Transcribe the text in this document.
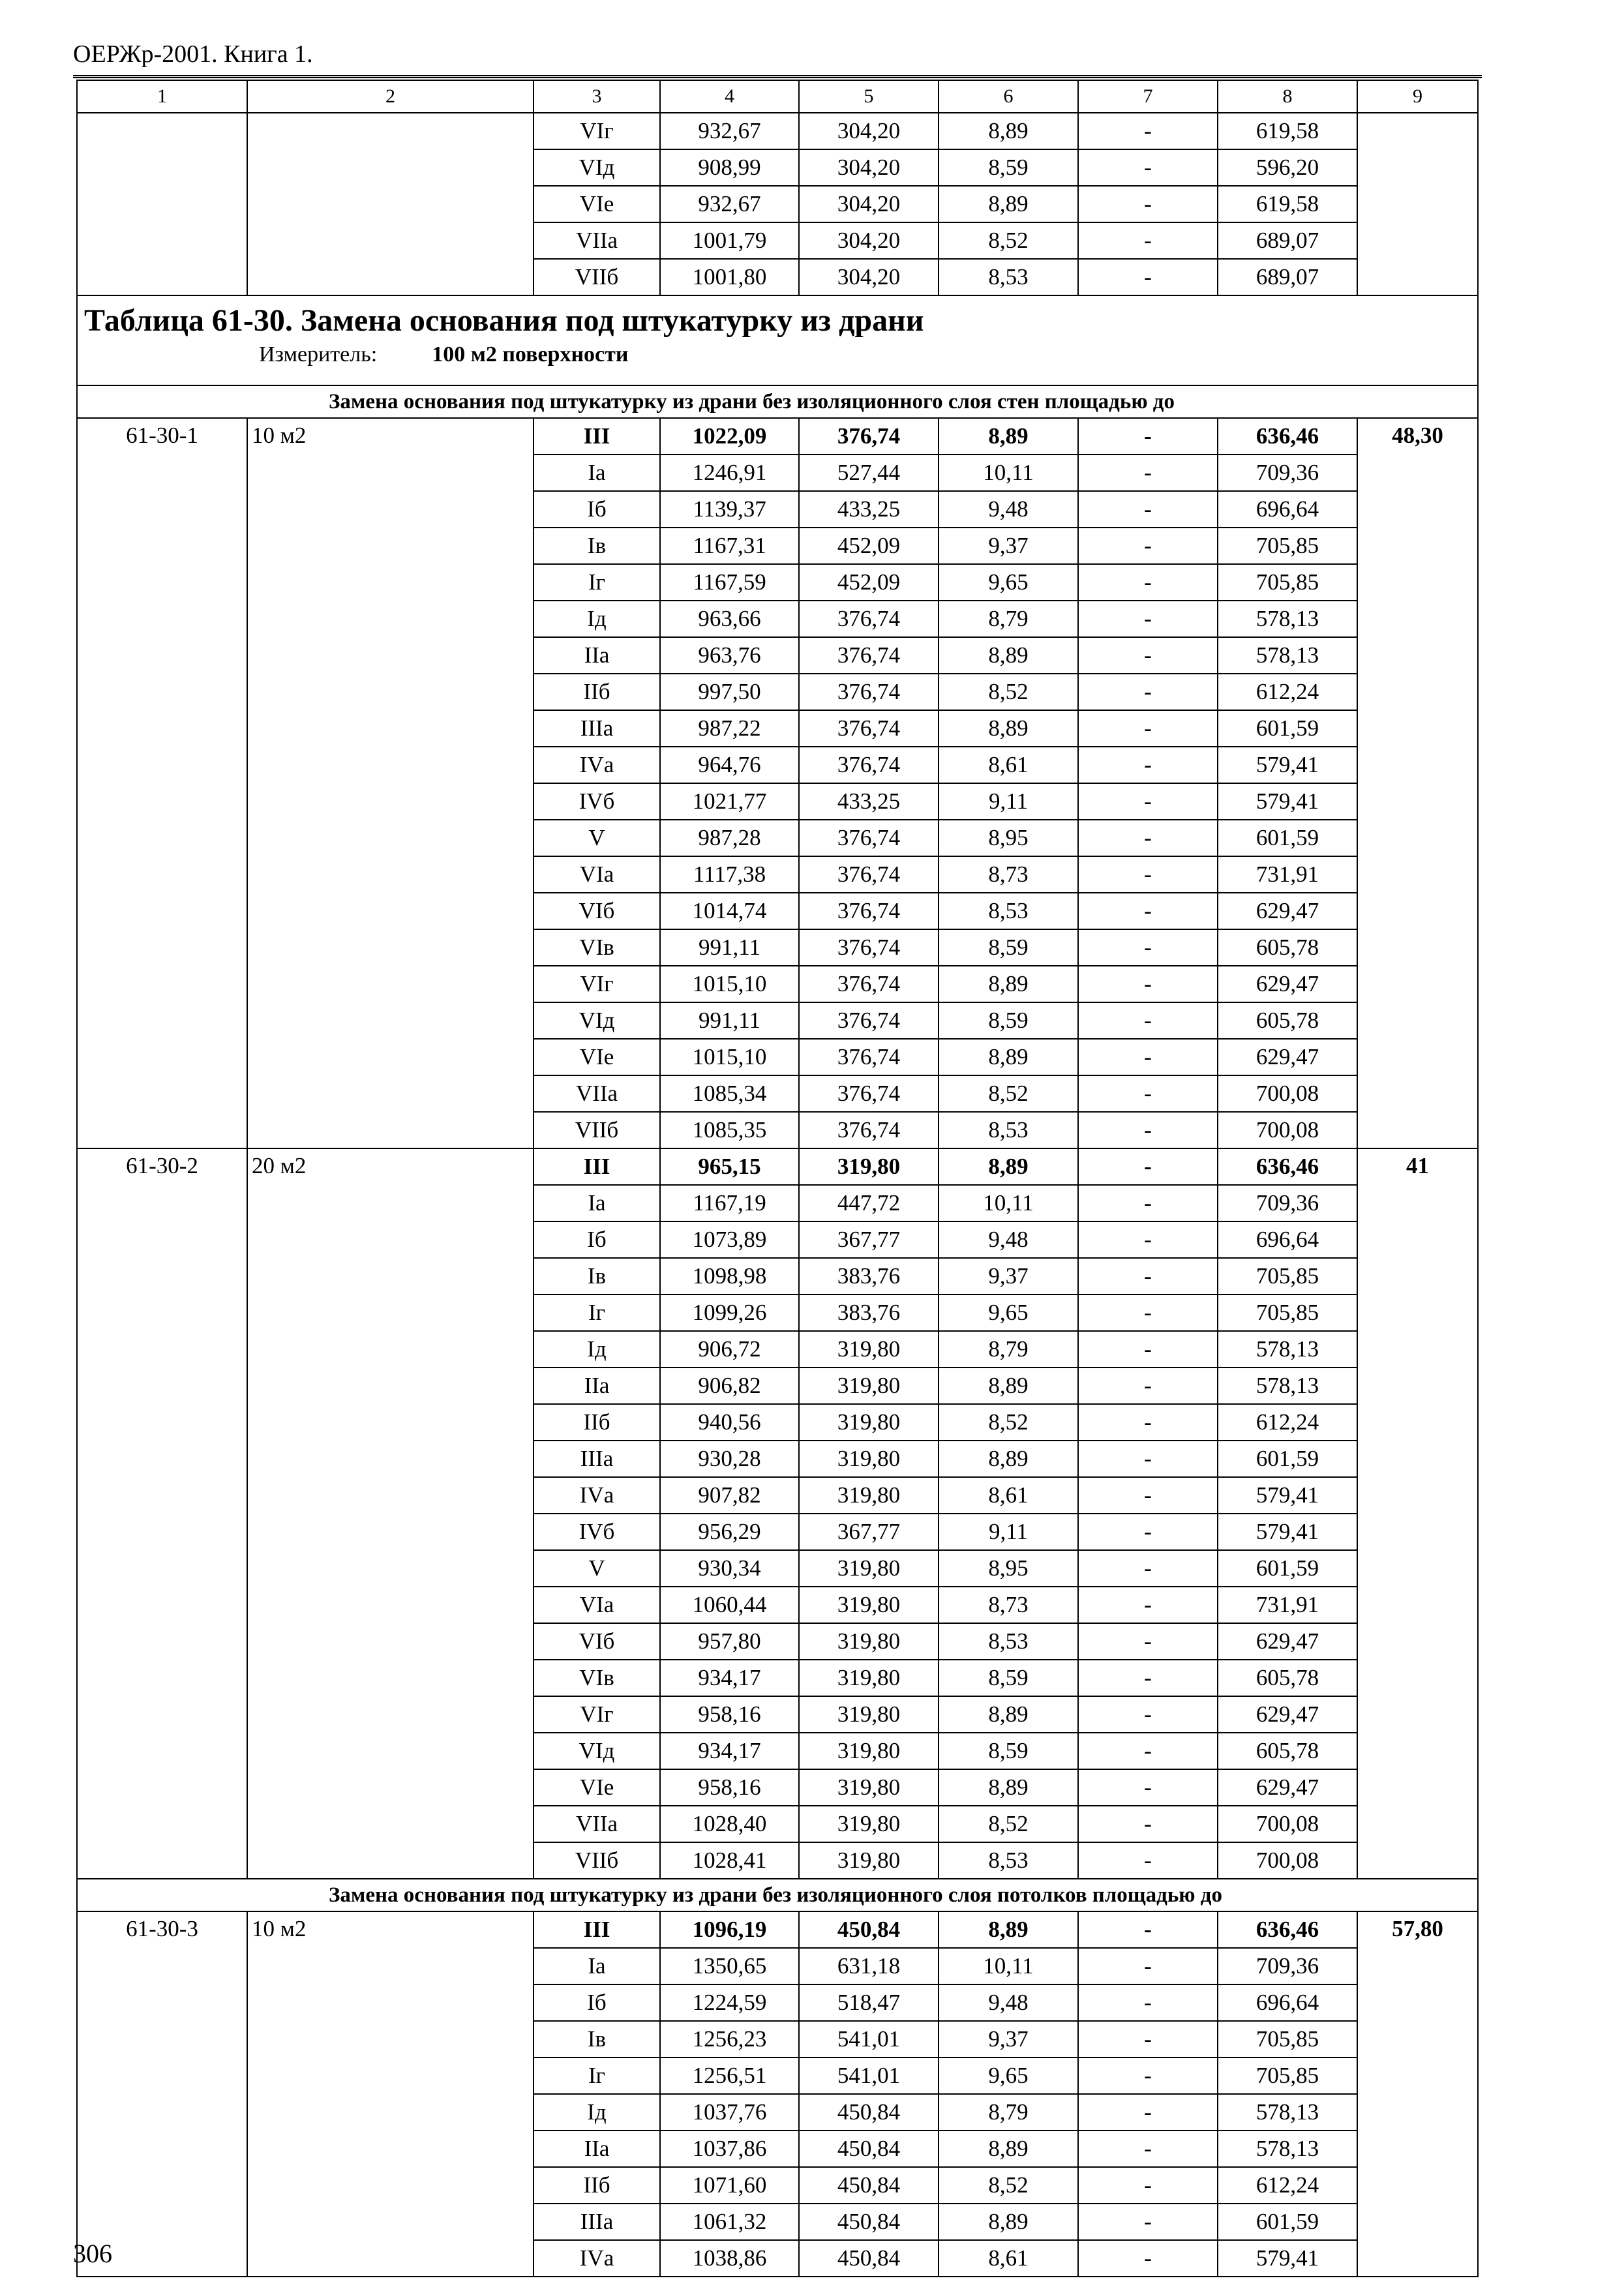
ОЕРЖр-2001. Книга 1.
1	2	3	4	5	6	7	8	9
		VIг	932,67	304,20	8,89	-	619,58	
		VIд	908,99	304,20	8,59	-	596,20	
		VIе	932,67	304,20	8,89	-	619,58	
		VIIа	1001,79	304,20	8,52	-	689,07	
		VIIб	1001,80	304,20	8,53	-	689,07	

Таблица 61-30. Замена основания под штукатурку из драни
Измеритель: 100 м2 поверхности								

Замена основания под штукатурку из драни без изоляционного слоя стен площадью до								
61-30-1	10 м2	III	1022,09	376,74	8,89	-	636,46	48,30
		Iа	1246,91	527,44	10,11	-	709,36	
		Iб	1139,37	433,25	9,48	-	696,64	
		Iв	1167,31	452,09	9,37	-	705,85	
		Iг	1167,59	452,09	9,65	-	705,85	
		Iд	963,66	376,74	8,79	-	578,13	
		IIа	963,76	376,74	8,89	-	578,13	
		IIб	997,50	376,74	8,52	-	612,24	
		IIIа	987,22	376,74	8,89	-	601,59	
		IVа	964,76	376,74	8,61	-	579,41	
		IVб	1021,77	433,25	9,11	-	579,41	
		V	987,28	376,74	8,95	-	601,59	
		VIа	1117,38	376,74	8,73	-	731,91	
		VIб	1014,74	376,74	8,53	-	629,47	
		VIв	991,11	376,74	8,59	-	605,78	
		VIг	1015,10	376,74	8,89	-	629,47	
		VIд	991,11	376,74	8,59	-	605,78	
		VIе	1015,10	376,74	8,89	-	629,47	
		VIIа	1085,34	376,74	8,52	-	700,08	
		VIIб	1085,35	376,74	8,53	-	700,08	
61-30-2	20 м2	III	965,15	319,80	8,89	-	636,46	41
		Iа	1167,19	447,72	10,11	-	709,36	
		Iб	1073,89	367,77	9,48	-	696,64	
		Iв	1098,98	383,76	9,37	-	705,85	
		Iг	1099,26	383,76	9,65	-	705,85	
		Iд	906,72	319,80	8,79	-	578,13	
		IIа	906,82	319,80	8,89	-	578,13	
		IIб	940,56	319,80	8,52	-	612,24	
		IIIа	930,28	319,80	8,89	-	601,59	
		IVа	907,82	319,80	8,61	-	579,41	
		IVб	956,29	367,77	9,11	-	579,41	
		V	930,34	319,80	8,95	-	601,59	
		VIа	1060,44	319,80	8,73	-	731,91	
		VIб	957,80	319,80	8,53	-	629,47	
		VIв	934,17	319,80	8,59	-	605,78	
		VIг	958,16	319,80	8,89	-	629,47	
		VIд	934,17	319,80	8,59	-	605,78	
		VIе	958,16	319,80	8,89	-	629,47	
		VIIа	1028,40	319,80	8,52	-	700,08	
		VIIб	1028,41	319,80	8,53	-	700,08	
Замена основания под штукатурку из драни без изоляционного слоя потолков площадью до								
61-30-3	10 м2	III	1096,19	450,84	8,89	-	636,46	57,80
		Iа	1350,65	631,18	10,11	-	709,36	
		Iб	1224,59	518,47	9,48	-	696,64	
		Iв	1256,23	541,01	9,37	-	705,85	
		Iг	1256,51	541,01	9,65	-	705,85	
		Iд	1037,76	450,84	8,79	-	578,13	
		IIа	1037,86	450,84	8,89	-	578,13	
		IIб	1071,60	450,84	8,52	-	612,24	
		IIIа	1061,32	450,84	8,89	-	601,59	
		IVа	1038,86	450,84	8,61	-	579,41	
306
